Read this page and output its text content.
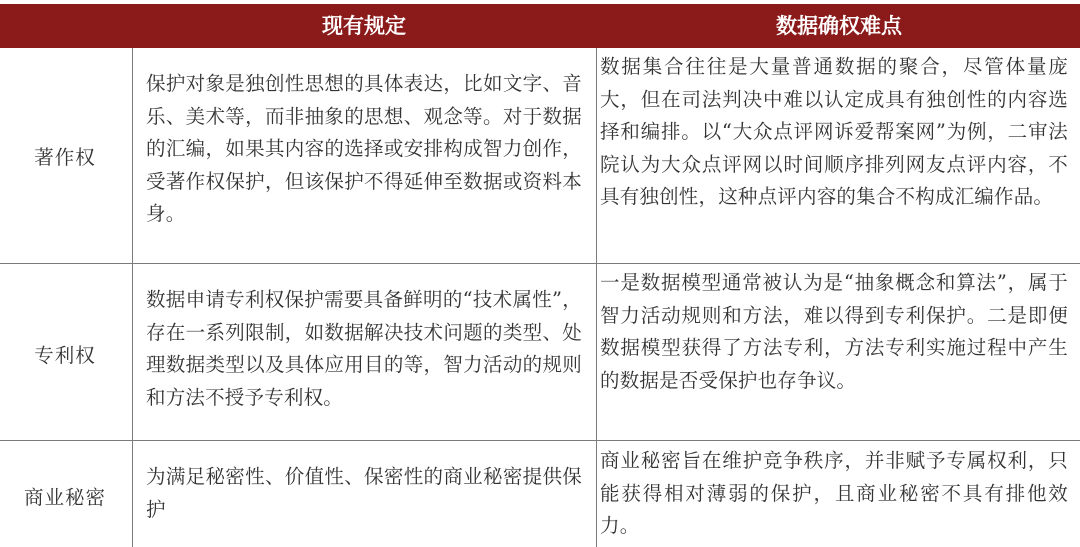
现有规定	数据确权难点
著作权

保护对象是独创性思想的具体表达，比如文字、音乐、美术等，而非抽象的思想、观念等。对于数据的汇编，如果其内容的选择或安排构成智力创作，受著作权保护，但该保护不得延伸至数据或资料本身。

数据集合往往是大量普通数据的聚合，尽管体量庞大，但在司法判决中难以认定成具有独创性的内容选择和编排。以“大众点评网诉爱帮案网”为例，二审法院认为大众点评网以时间顺序排列网友点评内容，不具有独创性，这种点评内容的集合不构成汇编作品。

专利权

数据申请专利权保护需要具备鲜明的“技术属性”，存在一系列限制，如数据解决技术问题的类型、处理数据类型以及具体应用目的等，智力活动的规则和方法不授予专利权。

一是数据模型通常被认为是“抽象概念和算法”，属于智力活动规则和方法，难以得到专利保护。二是即便数据模型获得了方法专利，方法专利实施过程中产生的数据是否受保护也存争议。

商业秘密

为满足秘密性、价值性、保密性的商业秘密提供保护

商业秘密旨在维护竞争秩序，并非赋予专属权利，只能获得相对薄弱的保护，且商业秘密不具有排他效力。
